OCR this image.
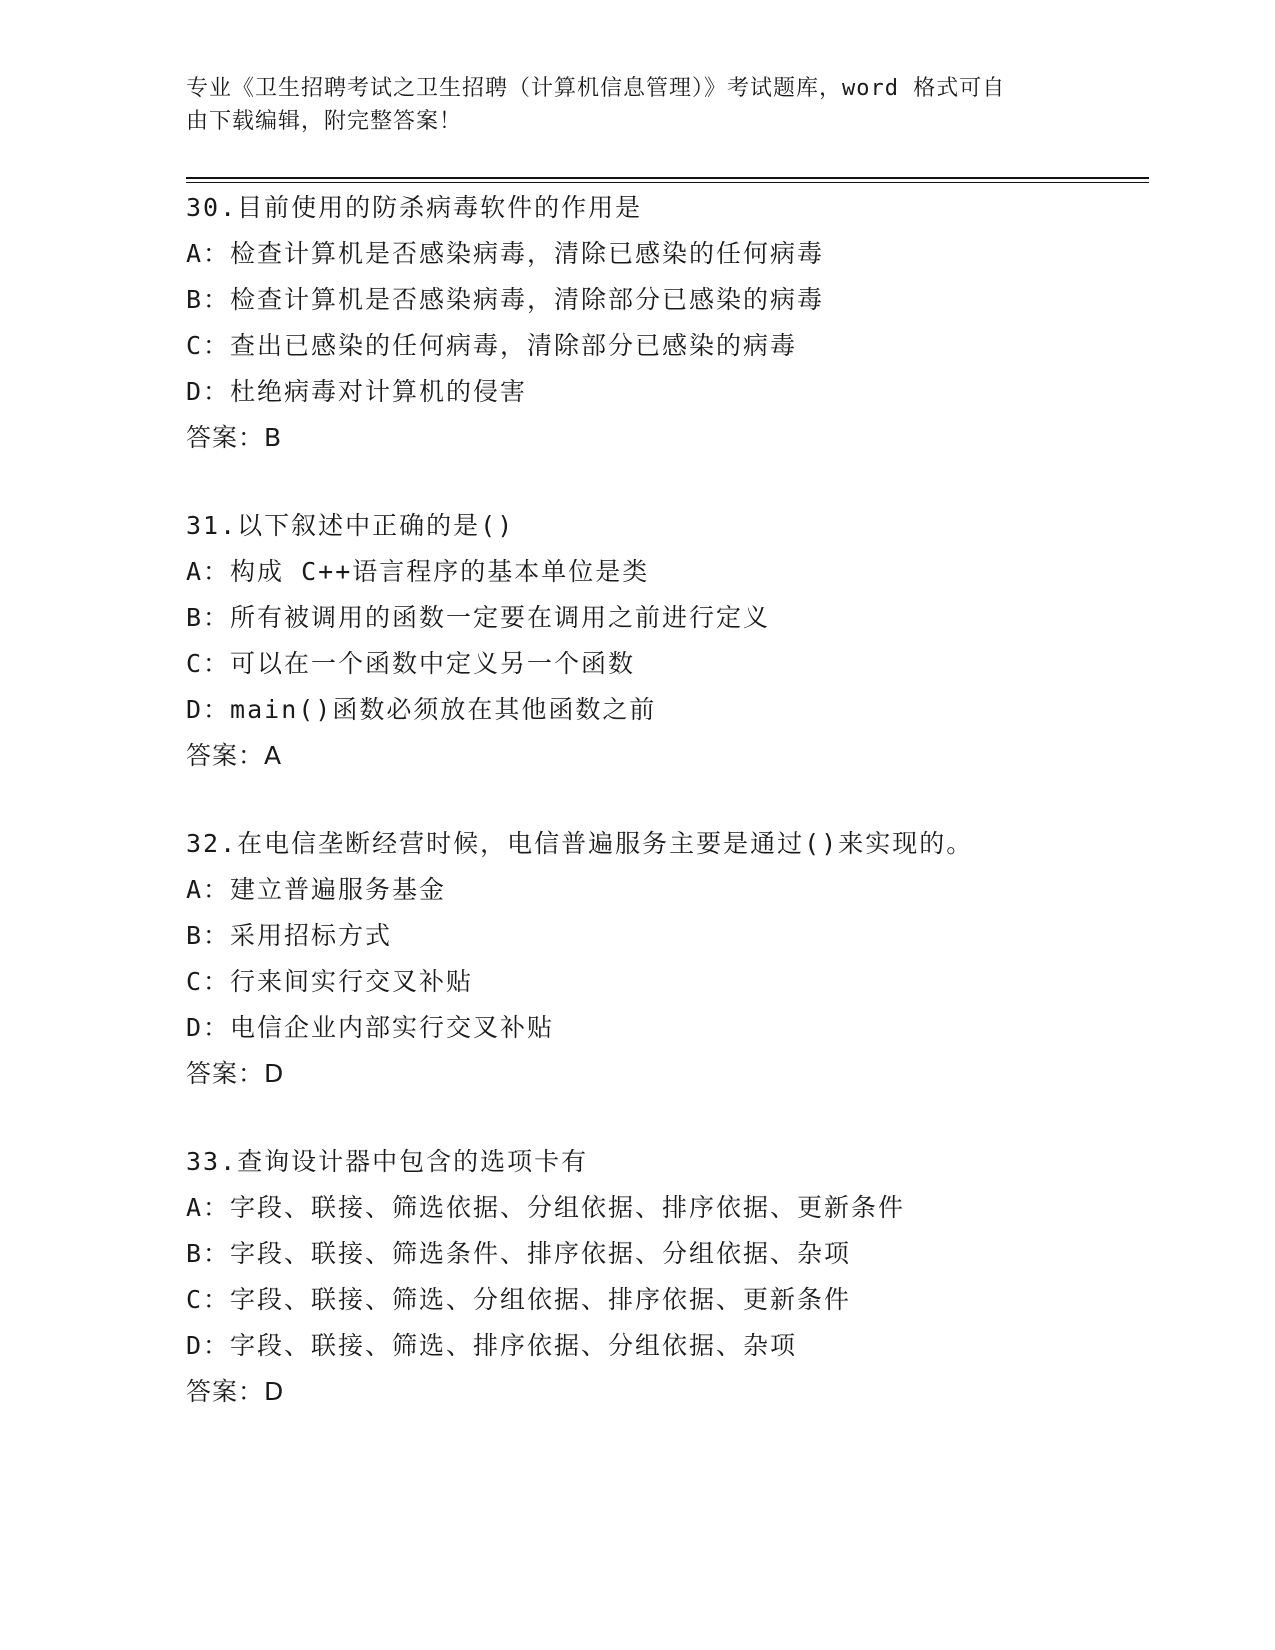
专业《卫生招聘考试之卫生招聘（计算机信息管理）》考试题库，word 格式可自
由下载编辑，附完整答案！
30.目前使用的防杀病毒软件的作用是
A：检查计算机是否感染病毒，清除已感染的任何病毒
B：检查计算机是否感染病毒，清除部分已感染的病毒
C：查出已感染的任何病毒，清除部分已感染的病毒
D：杜绝病毒对计算机的侵害
答案：B
31.以下叙述中正确的是()
A：构成 C++语言程序的基本单位是类
B：所有被调用的函数一定要在调用之前进行定义
C：可以在一个函数中定义另一个函数
D：main()函数必须放在其他函数之前
答案：A
32.在电信垄断经营时候，电信普遍服务主要是通过()来实现的。
A：建立普遍服务基金
B：采用招标方式
C：行来间实行交叉补贴
D：电信企业内部实行交叉补贴
答案：D
33.查询设计器中包含的选项卡有
A：字段、联接、筛选依据、分组依据、排序依据、更新条件
B：字段、联接、筛选条件、排序依据、分组依据、杂项
C：字段、联接、筛选、分组依据、排序依据、更新条件
D：字段、联接、筛选、排序依据、分组依据、杂项
答案：D
